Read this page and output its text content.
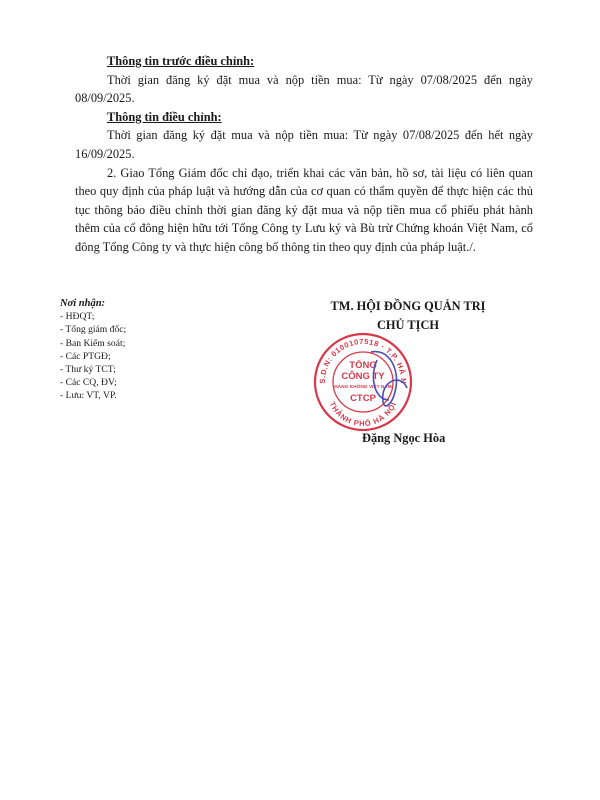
Thông tin trước điều chỉnh:

Thời gian đăng ký đặt mua và nộp tiền mua: Từ ngày 07/08/2025 đến ngày 08/09/2025.

Thông tin điều chỉnh:

Thời gian đăng ký đặt mua và nộp tiền mua: Từ ngày 07/08/2025 đến hết ngày 16/09/2025.

2. Giao Tổng Giám đốc chỉ đạo, triển khai các văn bản, hồ sơ, tài liệu có liên quan theo quy định của pháp luật và hướng dẫn của cơ quan có thẩm quyền để thực hiện các thủ tục thông báo điều chỉnh thời gian đăng ký đặt mua và nộp tiền mua cổ phiếu phát hành thêm của cổ đông hiện hữu tới Tổng Công ty Lưu ký và Bù trừ Chứng khoán Việt Nam, cổ đông Tổng Công ty và thực hiện công bố thông tin theo quy định của pháp luật./.

Nơi nhận:
- HĐQT;
- Tổng giám đốc;
- Ban Kiểm soát;
- Các PTGĐ;
- Thư ký TCT;
- Các CQ, ĐV;
- Lưu: VT, VP.
TM. HỘI ĐỒNG QUẢN TRỊ
CHỦ TỊCH
S.D.N: 0100107518 · T.P. HÀ N
THÀNH PHỐ HÀ NỘI
TỔNG
CÔNG TY
HÀNG KHÔNG VIỆT NAM
CTCP
Đặng Ngọc Hòa
